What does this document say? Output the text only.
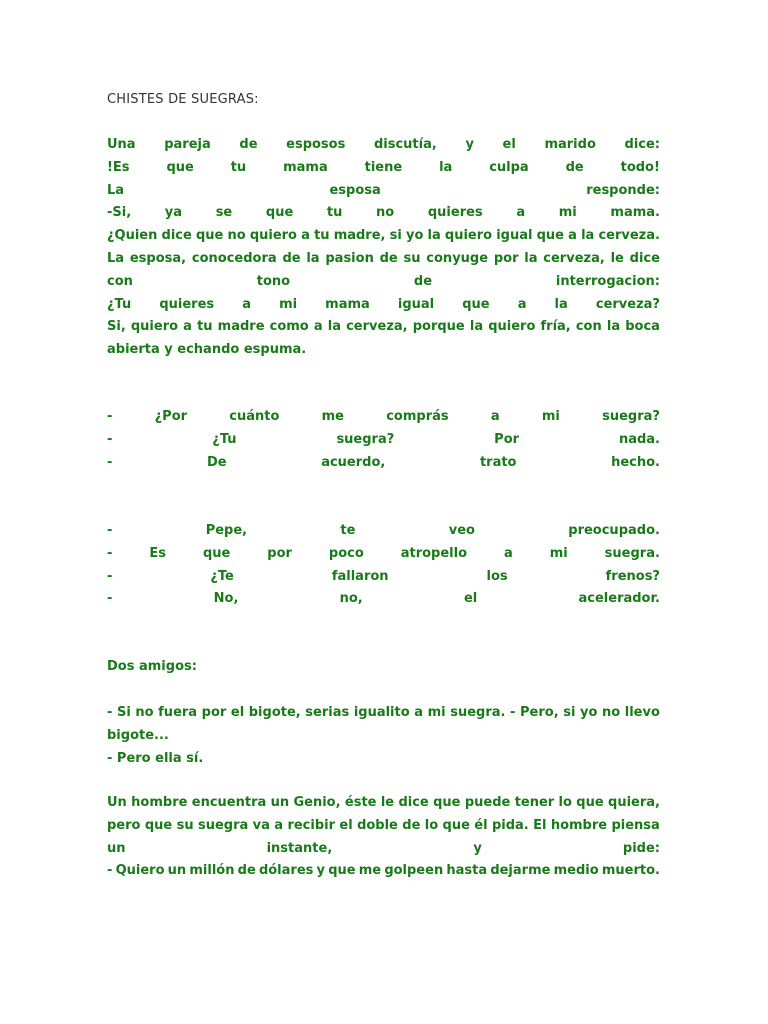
CHISTES DE SUEGRAS:
Una pareja de esposos discutía, y el marido dice:
!Es	que	tu	mama	tiene	la	culpa	de	todo!
La	esposa	responde:
-Si,	ya	se	que	tu	no	quieres	a	mi	mama.
¿Quien dice que no quiero a tu madre, si yo la quiero igual que a la cerveza.
La esposa, conocedora de la pasion de su conyuge por la cerveza, le dice
con	tono	de	interrogacion:
¿Tu quieres a mi mama igual que a la cerveza?
Si, quiero a tu madre como a la cerveza, porque la quiero fría, con la boca
abierta y echando espuma.
-	¿Por	cuánto	me	comprás	a	mi	suegra?
-	¿Tu	suegra?	Por	nada.
-	De	acuerdo,	trato	hecho.
-	Pepe,	te	veo	preocupado.
-	Es	que	por	poco	atropello	a	mi	suegra.
-	¿Te	fallaron	los	frenos?
-	No,	no,	el	acelerador.
Dos amigos:
- Si no fuera por el bigote, serias igualito a mi suegra. - Pero, si yo no llevo
bigote...
- Pero ella sí.
Un hombre encuentra un Genio, éste le dice que puede tener lo que quiera,
pero que su suegra va a recibir el doble de lo que él pida. El hombre piensa
un	instante,	y	pide:
- Quiero un millón de dólares y que me golpeen hasta dejarme medio muerto.
